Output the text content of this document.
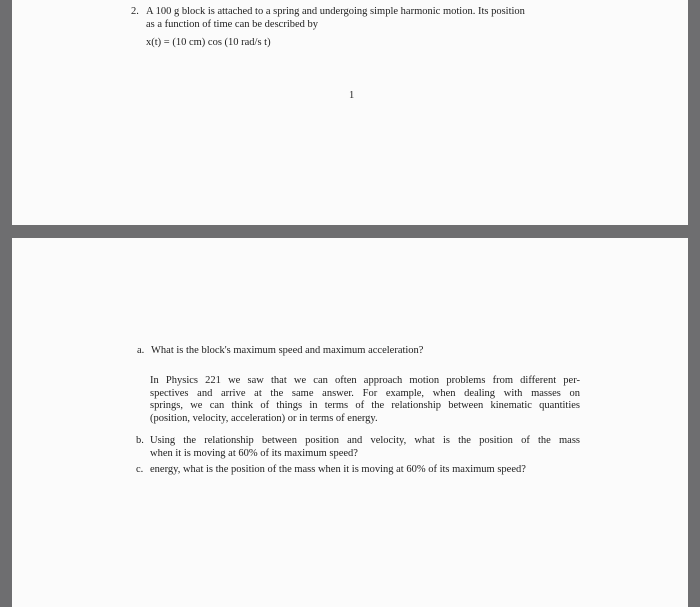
2. A 100 g block is attached to a spring and undergoing simple harmonic motion. Its position
as a function of time can be described by

x(t) = (10 cm) cos (10 rad/s t)

1

a. What is the block's maximum speed and maximum acceleration?

In Physics 221 we saw that we can often approach motion problems from different per-
spectives and arrive at the same answer. For example, when dealing with masses on
springs, we can think of things in terms of the relationship between kinematic quantities
(position, velocity, acceleration) or in terms of energy.

b. Using the relationship between position and velocity, what is the position of the mass
when it is moving at 60% of its maximum speed?

c. energy, what is the position of the mass when it is moving at 60% of its maximum speed?
